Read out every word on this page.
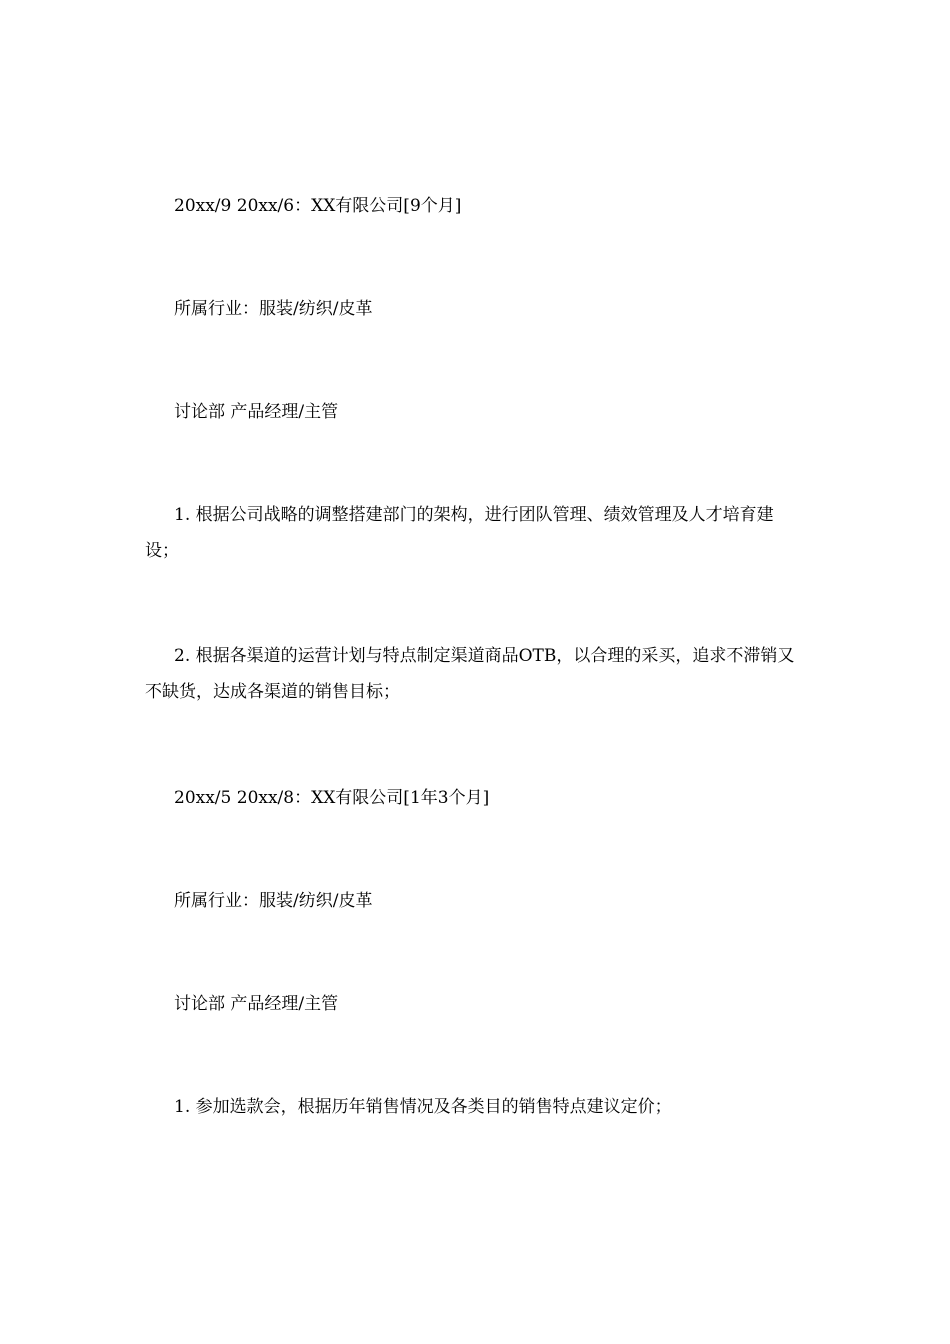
20xx/9 20xx/6：XX有限公司[9个月]

所属行业：服装/纺织/皮革

讨论部 产品经理/主管

1. 根据公司战略的调整搭建部门的架构，进行团队管理、绩效管理及人才培育建设；

2. 根据各渠道的运营计划与特点制定渠道商品OTB，以合理的采买，追求不滞销又不缺货，达成各渠道的销售目标；

20xx/5 20xx/8：XX有限公司[1年3个月]

所属行业：服装/纺织/皮革

讨论部 产品经理/主管

1. 参加选款会，根据历年销售情况及各类目的销售特点建议定价；
